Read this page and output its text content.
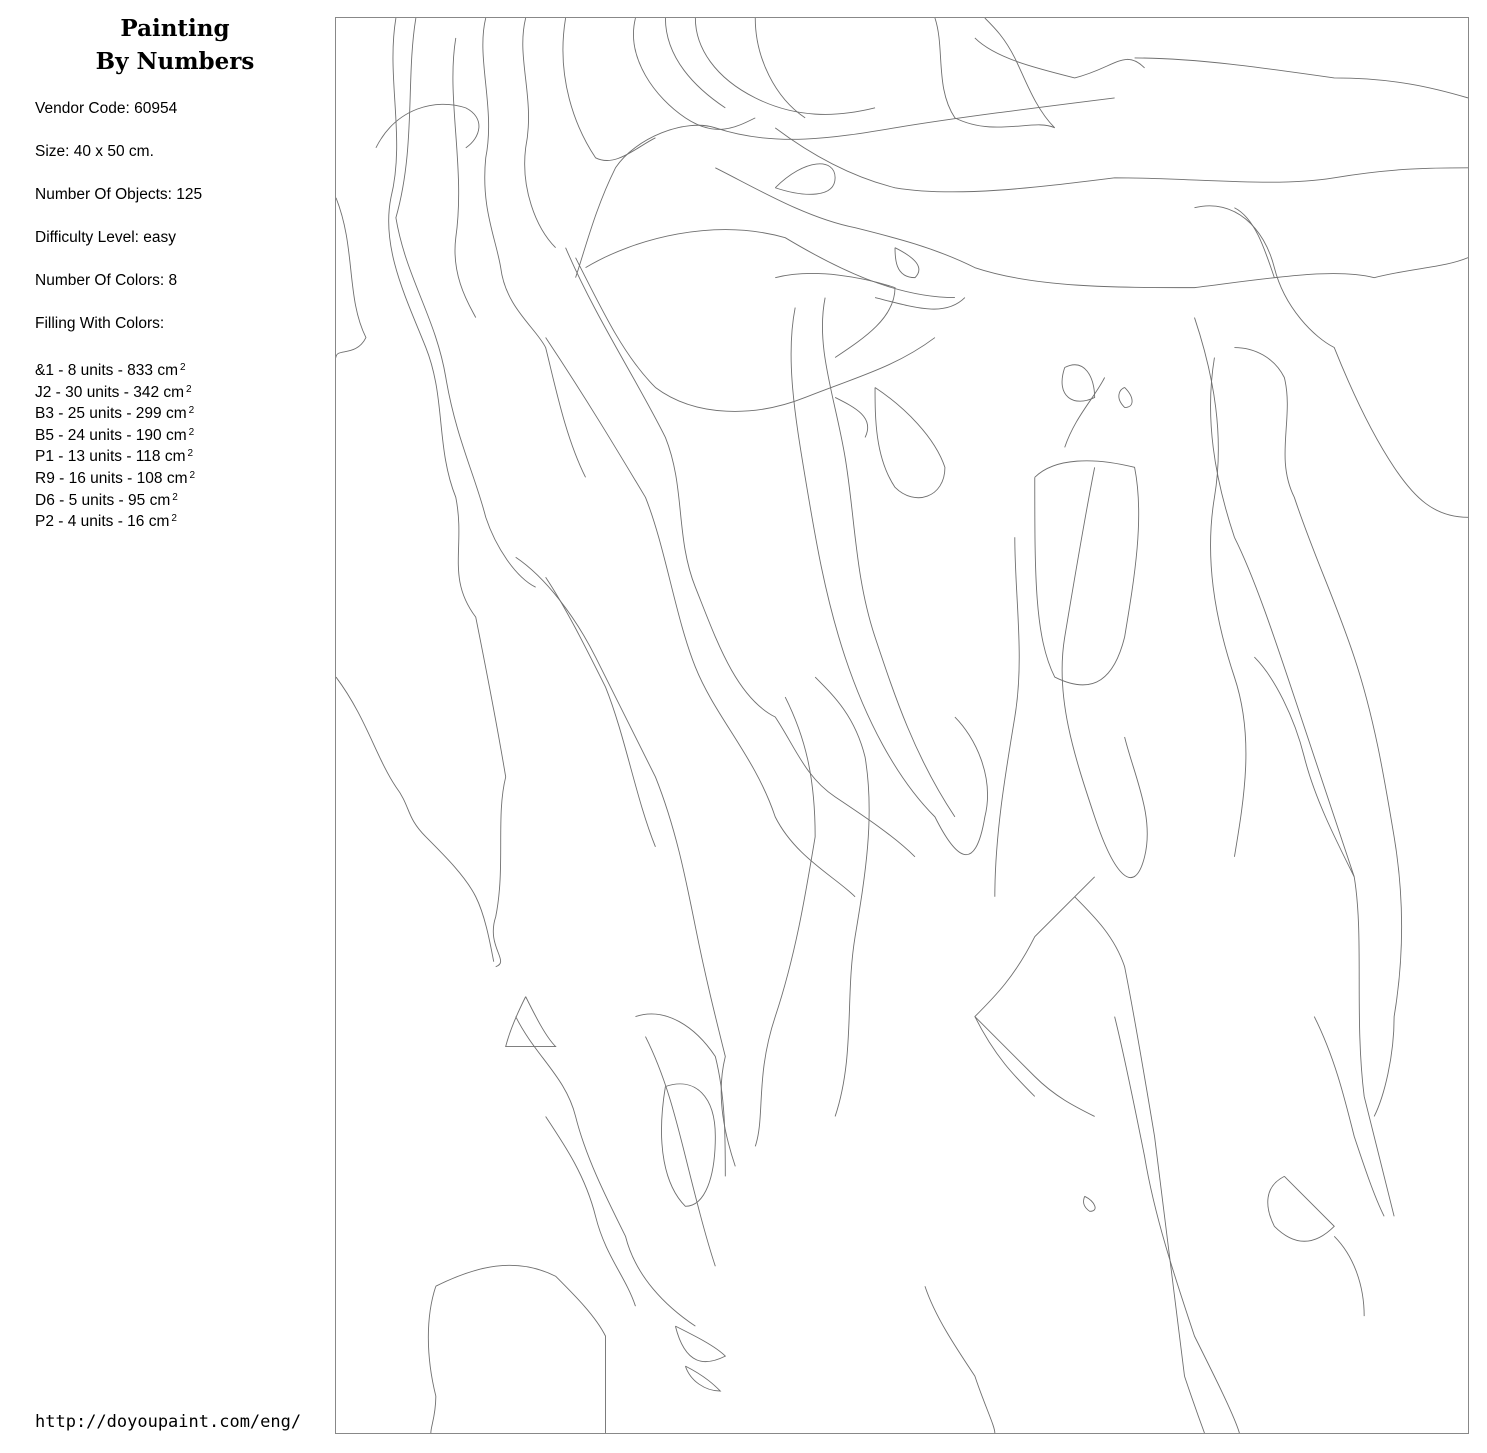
Painting
By Numbers
Vendor Code: 60954
Size: 40 x 50 cm.
Number Of Objects: 125
Difficulty Level: easy
Number Of Colors: 8
Filling With Colors:
&1 - 8 units - 833 cm $^2$
J2 - 30 units - 342 cm $^2$
B3 - 25 units - 299 cm $^2$
B5 - 24 units - 190 cm $^2$
P1 - 13 units - 118 cm $^2$
R9 - 16 units - 108 cm $^2$
D6 - 5 units - 95 cm $^2$
P2 - 4 units - 16 cm $^2$
http://doyoupaint.com/eng/
